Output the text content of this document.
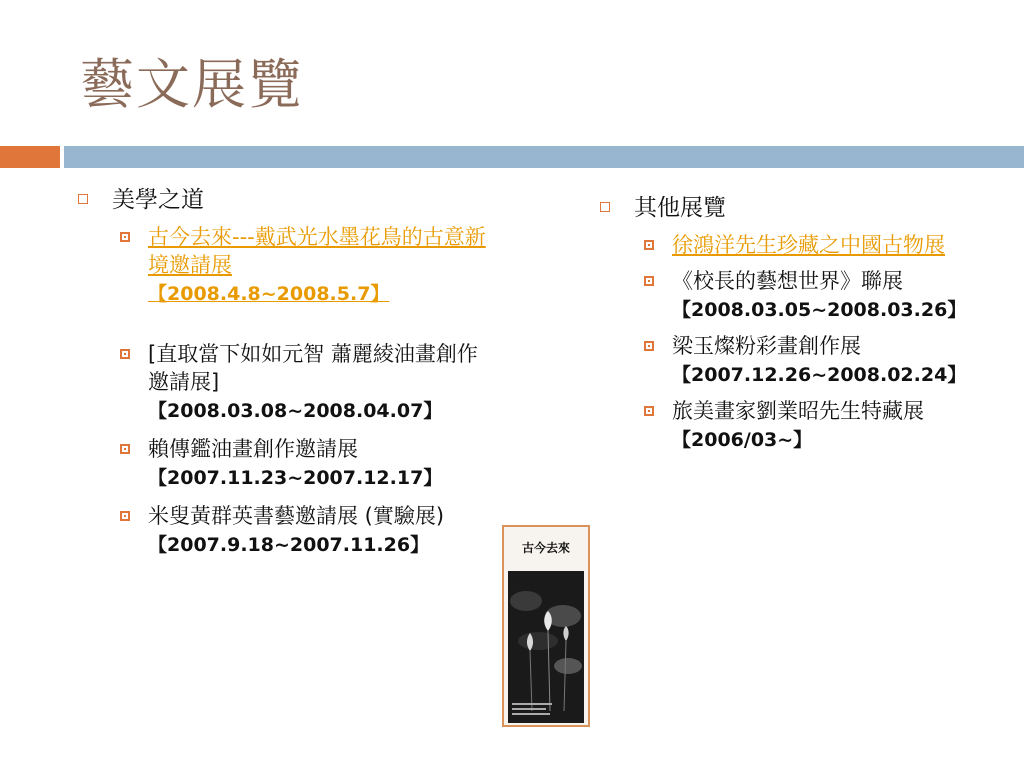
藝文展覽
美學之道
古今去來---戴武光水墨花鳥的古意新境邀請展
【2008.4.8~2008.5.7】
[直取當下如如元智 蕭麗綾油畫創作邀請展]
【2008.03.08~2008.04.07】
賴傳鑑油畫創作邀請展
【2007.11.23~2007.12.17】
米叟黃群英書藝邀請展 (實驗展) 【2007.9.18~2007.11.26】	古今去來
其他展覽
徐鴻洋先生珍藏之中國古物展
《校長的藝想世界》聯展
【2008.03.05~2008.03.26】
梁玉燦粉彩畫創作展
【2007.12.26~2008.02.24】
旅美畫家劉業昭先生特藏展
【2006/03~】
